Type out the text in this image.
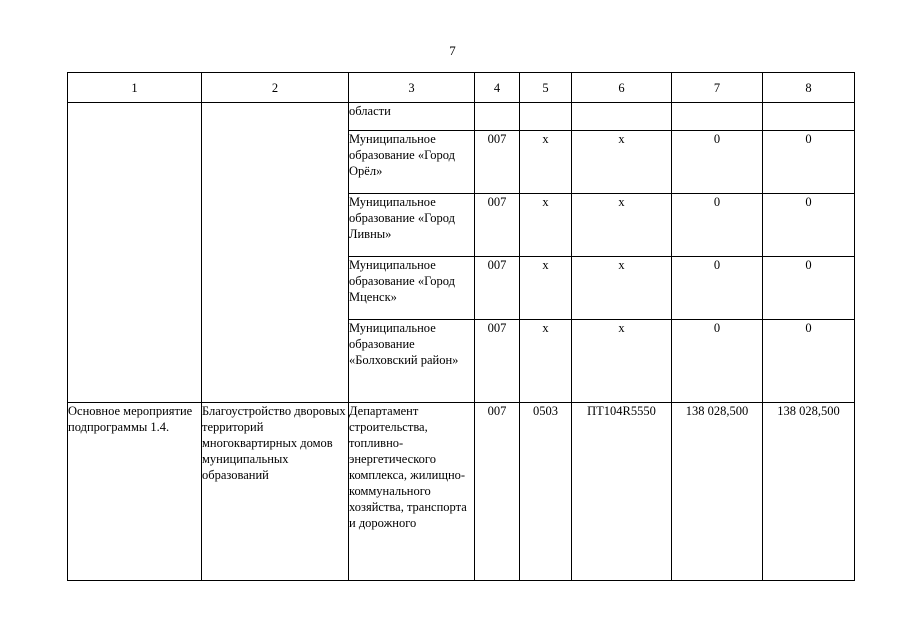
7
1	2	3	4	5	6	7	8
		области					
		Муниципальное образование «Город Орёл»	007	х	х	0	0
		Муниципальное образование «Город Ливны»	007	х	х	0	0
		Муниципальное образование «Город Мценск»	007	х	х	0	0
		Муниципальное образование «Болховский район»	007	х	х	0	0
Основное мероприятие подпрограммы 1.4.	Благоустройство дворовых территорий многоквартирных домов муниципальных образований	Департамент строительства, топливно-энергетического комплекса, жилищно-коммунального хозяйства, транспорта и дорожного	007	0503	ПТ104R5550	138 028,500	138 028,500
